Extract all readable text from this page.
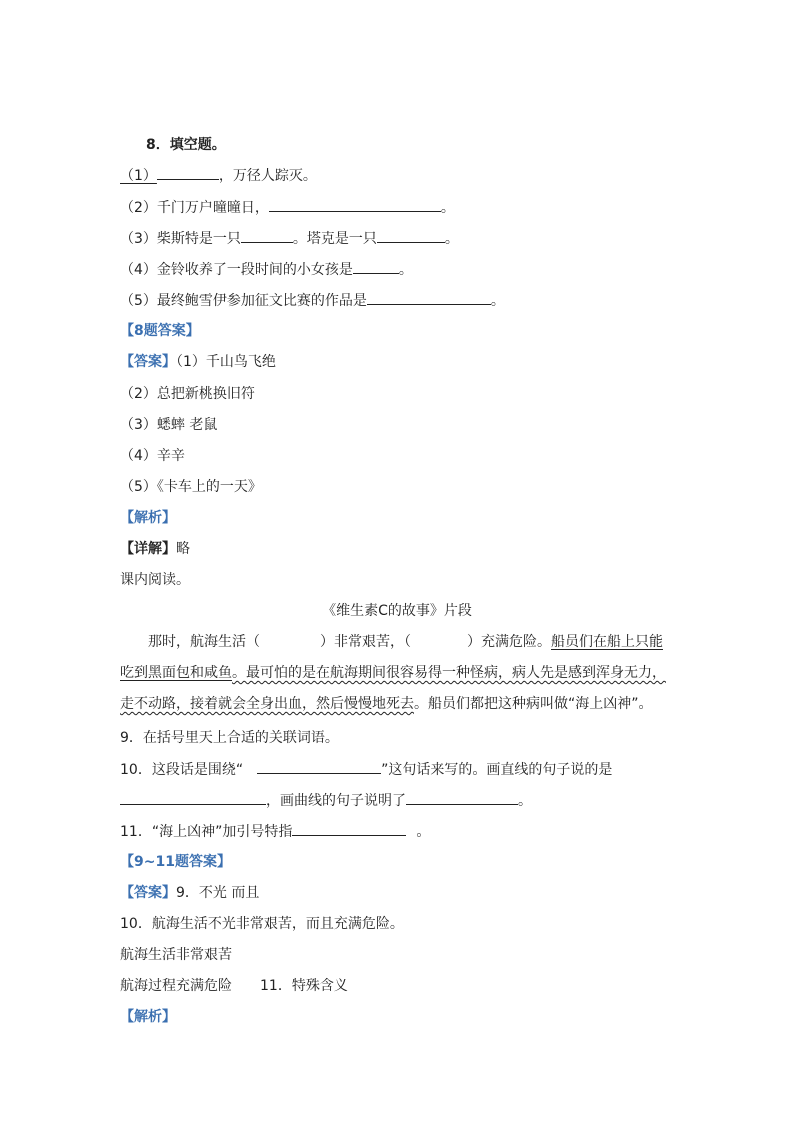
8．填空题。
（1）	，万径人踪灭。
（2）千门万户曈曈日，	。
（3）柴斯特是一只	。塔克是一只	。
（4）金铃收养了一段时间的小女孩是	。
（5）最终鲍雪伊参加征文比赛的作品是	。
【8题答案】
【答案】（1）千山鸟飞绝
（2）总把新桃换旧符
（3）蟋蟀 老鼠
（4）辛辛
（5）《卡车上的一天》
【解析】
【详解】略
课内阅读。
《维生素C的故事》片段
那时，航海生活（	）非常艰苦，（	）充满危险。船员们在船上只能
吃到黑面包和咸鱼。最可怕的是在航海期间很容易得一种怪病，病人先是感到浑身无力，
走不动路，接着就会全身出血，然后慢慢地死去。船员们都把这种病叫做“海上凶神”。
9．在括号里天上合适的关联词语。
10．这段话是围绕“	”这句话来写的。画直线的句子说的是
，画曲线的句子说明了	。
11．“海上凶神”加引号特指	。
【9~11题答案】
【答案】9．不光 而且
10．航海生活不光非常艰苦，而且充满危险。
航海生活非常艰苦
航海过程充满危险 11．特殊含义
【解析】
